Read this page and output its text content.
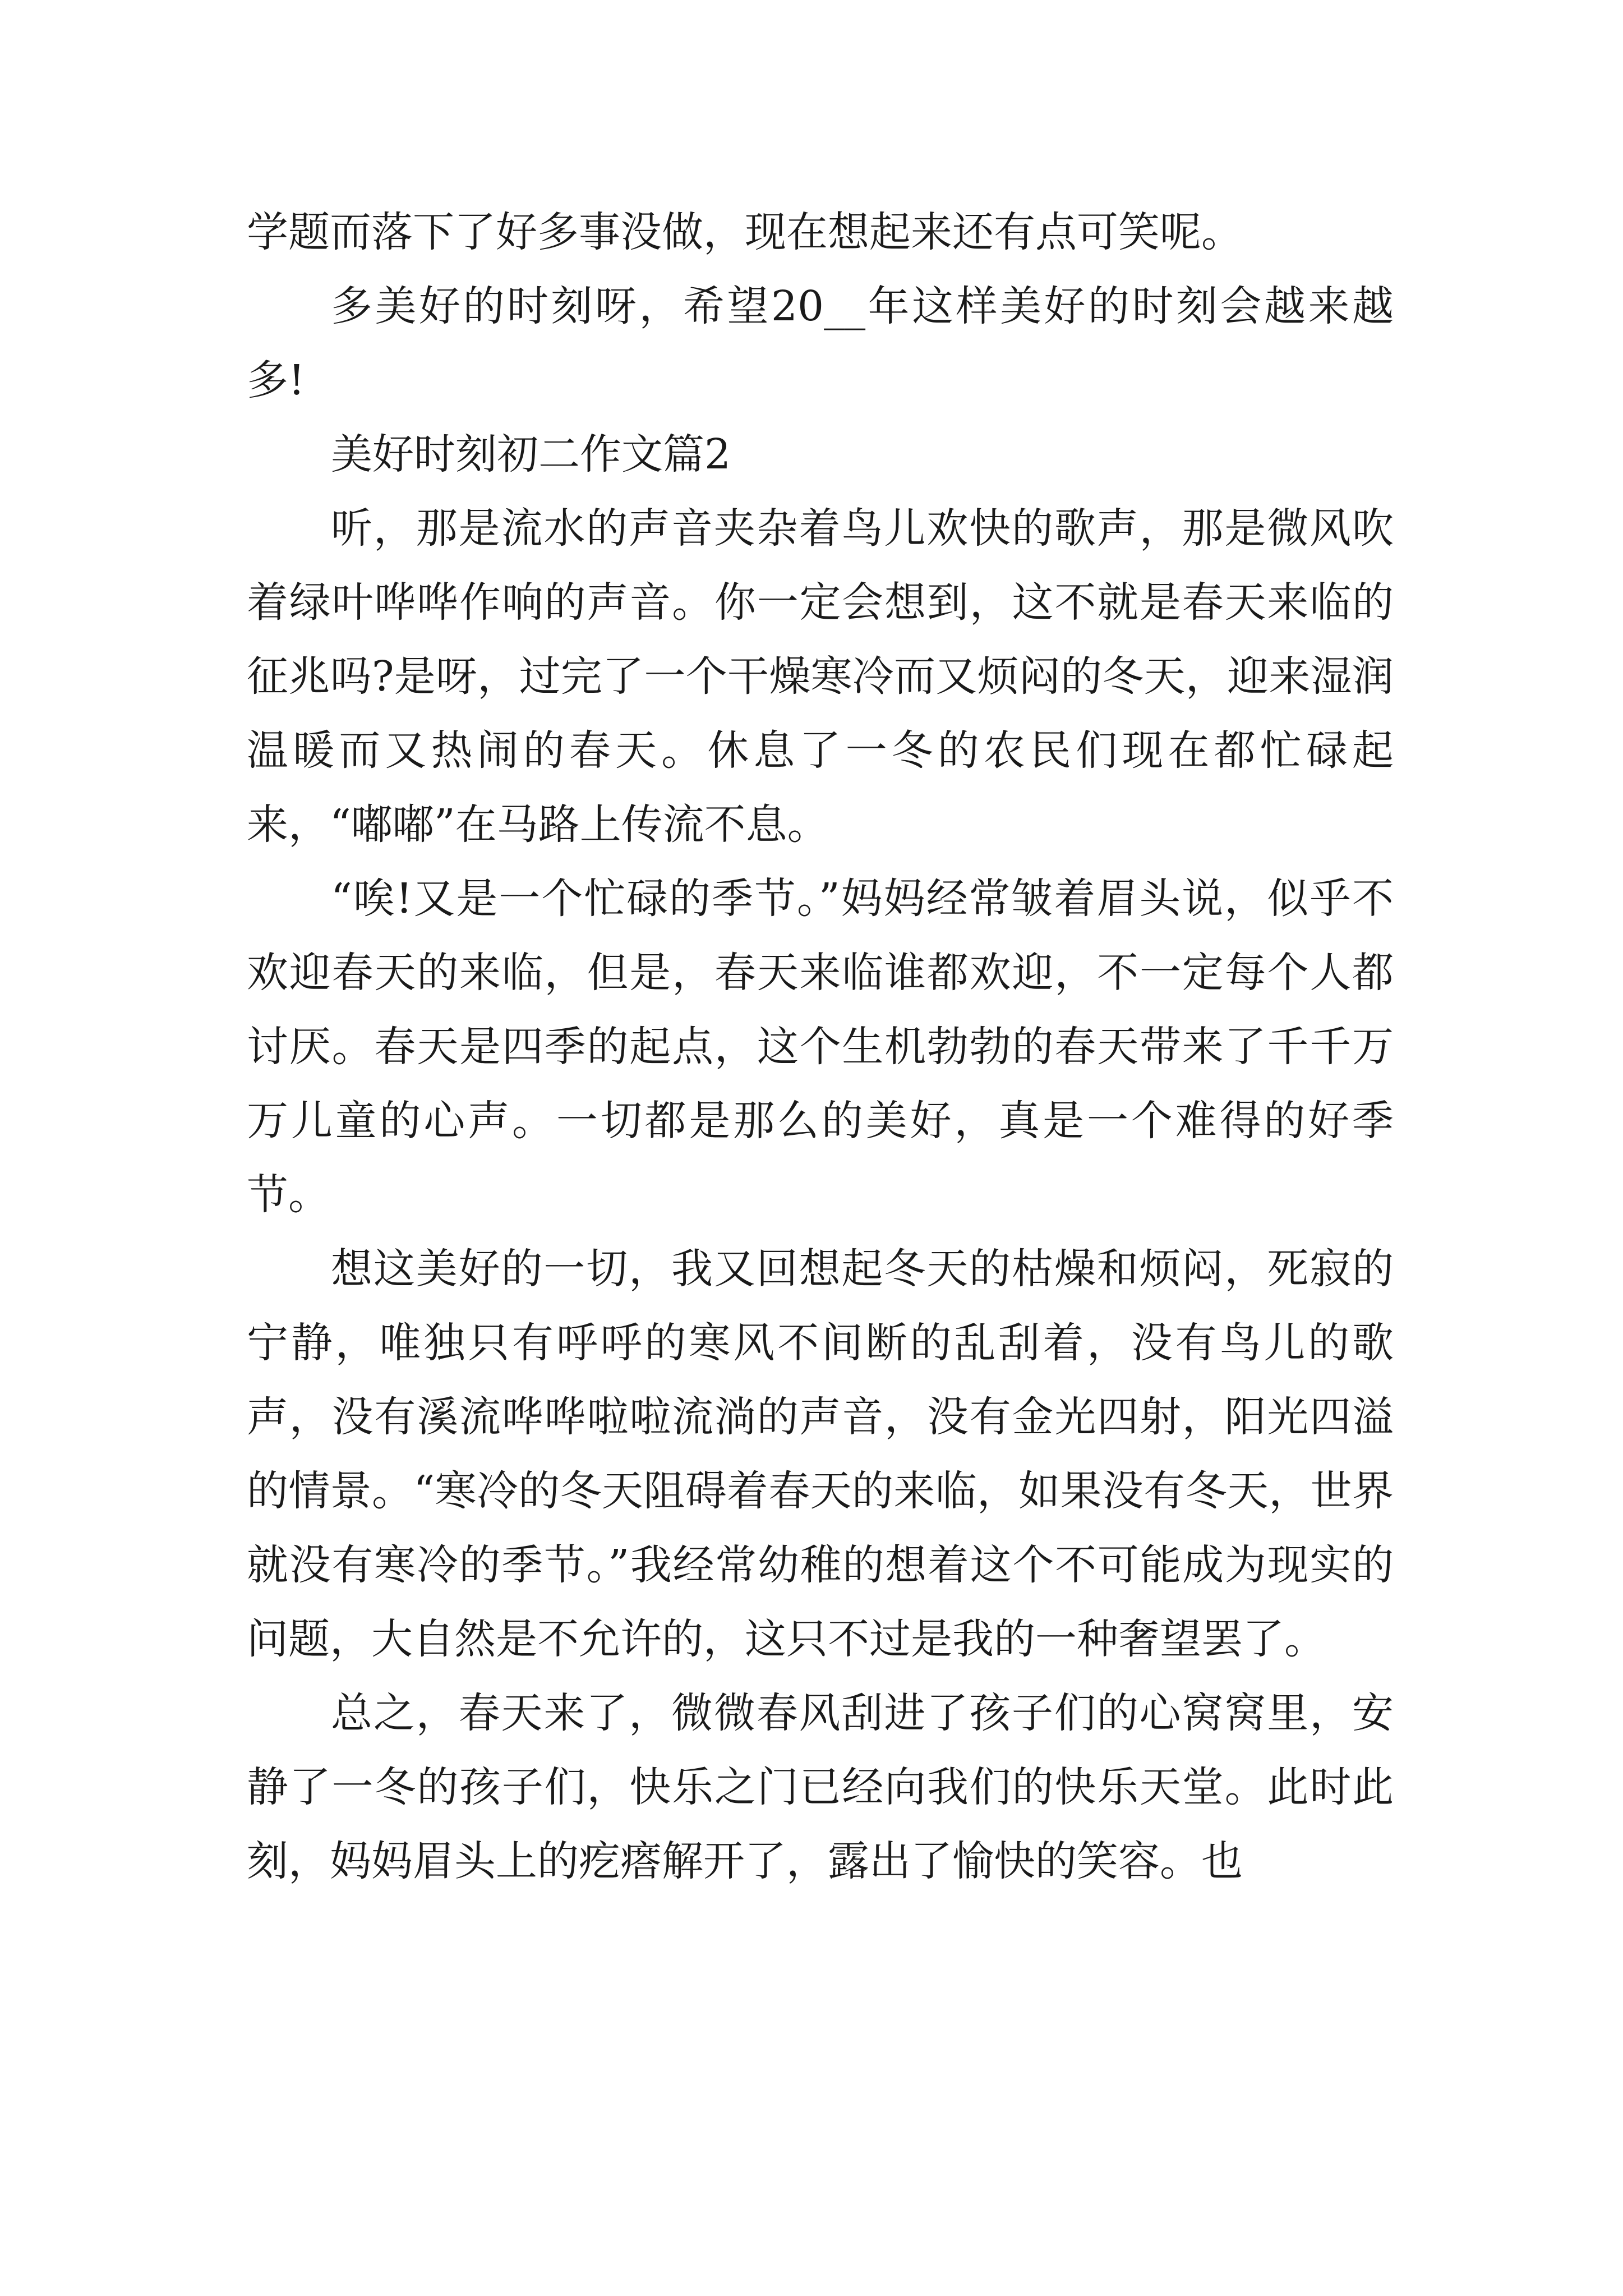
学题而落下了好多事没做，现在想起来还有点可笑呢。

多美好的时刻呀，希望20__年这样美好的时刻会越来越多!

美好时刻初二作文篇2

听，那是流水的声音夹杂着鸟儿欢快的歌声，那是微风吹着绿叶哗哗作响的声音。你一定会想到，这不就是春天来临的征兆吗?是呀，过完了一个干燥寒冷而又烦闷的冬天，迎来湿润温暖而又热闹的春天。休息了一冬的农民们现在都忙碌起来，“嘟嘟”在马路上传流不息。

“唉!又是一个忙碌的季节。”妈妈经常皱着眉头说，似乎不欢迎春天的来临，但是，春天来临谁都欢迎，不一定每个人都讨厌。春天是四季的起点，这个生机勃勃的春天带来了千千万万儿童的心声。一切都是那么的美好，真是一个难得的好季节。

想这美好的一切，我又回想起冬天的枯燥和烦闷，死寂的宁静，唯独只有呼呼的寒风不间断的乱刮着，没有鸟儿的歌声，没有溪流哗哗啦啦流淌的声音，没有金光四射，阳光四溢的情景。“寒冷的冬天阻碍着春天的来临，如果没有冬天，世界就没有寒冷的季节。”我经常幼稚的想着这个不可能成为现实的问题，大自然是不允许的，这只不过是我的一种奢望罢了。

总之，春天来了，微微春风刮进了孩子们的心窝窝里，安静了一冬的孩子们，快乐之门已经向我们的快乐天堂。此时此刻，妈妈眉头上的疙瘩解开了，露出了愉快的笑容。也
